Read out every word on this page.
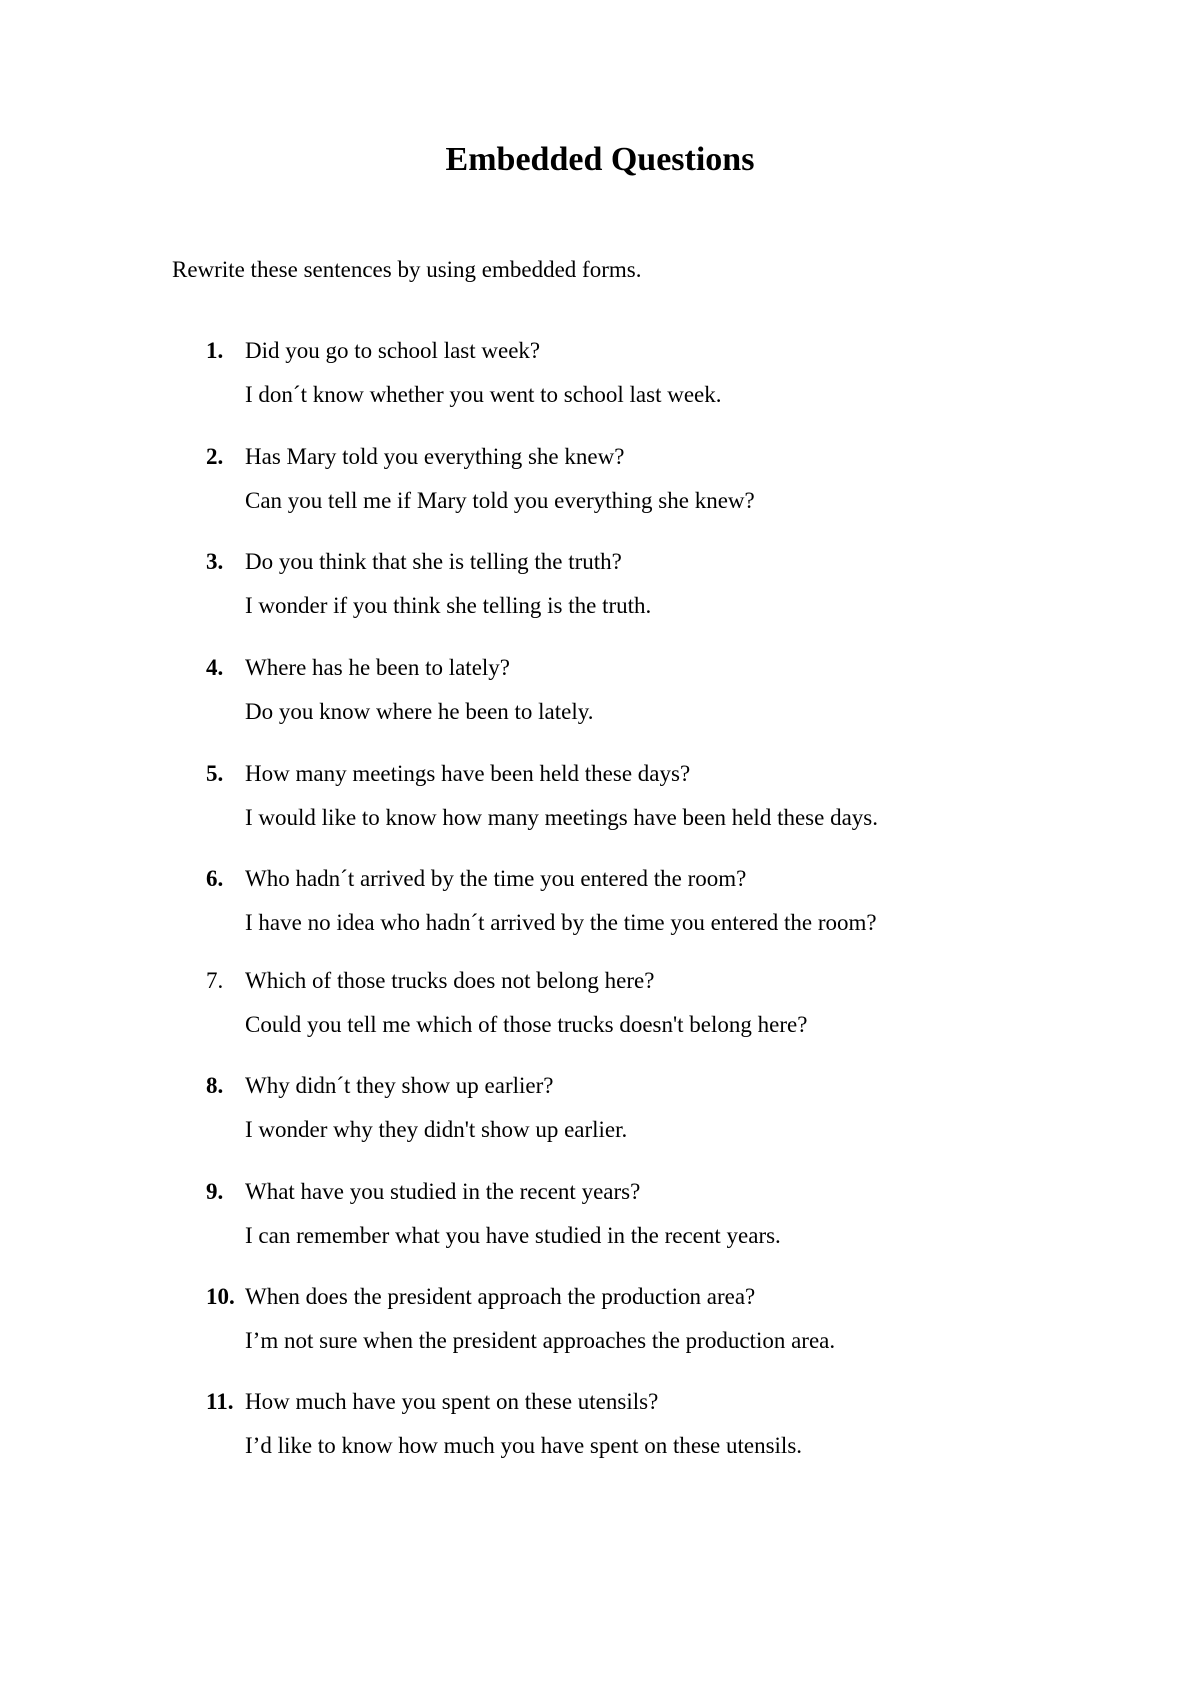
Embedded Questions

Rewrite these sentences by using embedded forms.

1. Did you go to school last week?
I don´t know whether you went to school last week.
2. Has Mary told you everything she knew?
Can you tell me if Mary told you everything she knew?
3. Do you think that she is telling the truth?
I wonder if you think she telling is the truth.
4. Where has he been to lately?
Do you know where he been to lately.
5. How many meetings have been held these days?
I would like to know how many meetings have been held these days.
6. Who hadn´t arrived by the time you entered the room?
I have no idea who hadn´t arrived by the time you entered the room?
7. Which of those trucks does not belong here?
Could you tell me which of those trucks doesn't belong here?
8. Why didn´t they show up earlier?
I wonder why they didn't show up earlier.
9. What have you studied in the recent years?
I can remember what you have studied in the recent years.
10. When does the president approach the production area?
I’m not sure when the president approaches the production area.
11. How much have you spent on these utensils?
I’d like to know how much you have spent on these utensils.
